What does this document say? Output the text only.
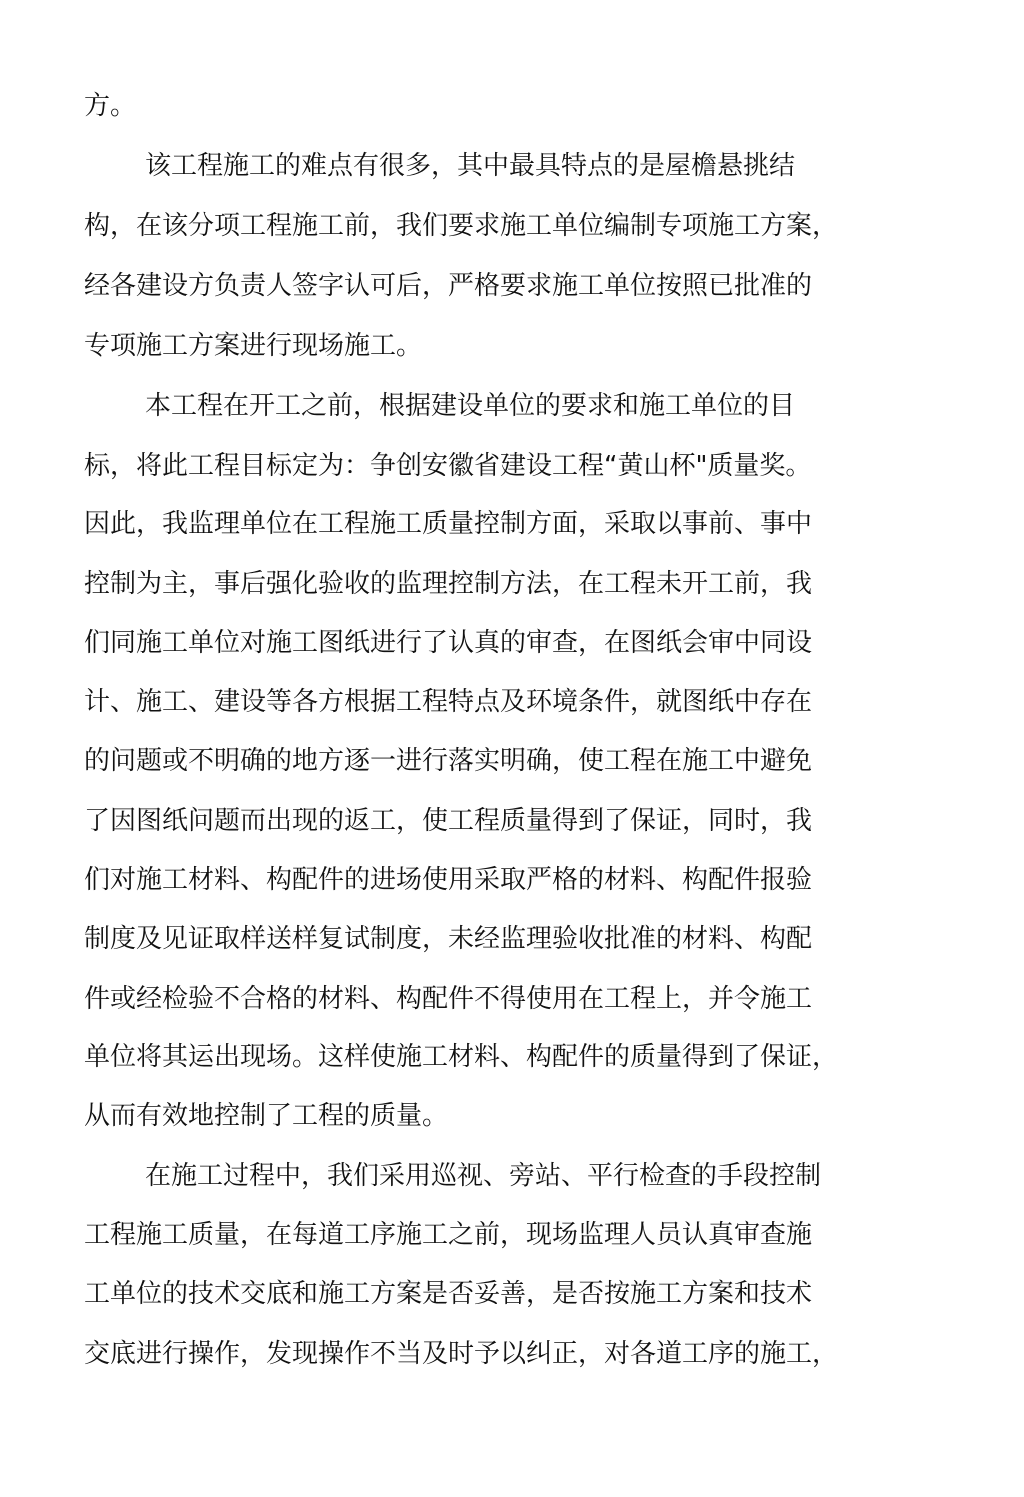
方。
该工程施工的难点有很多，其中最具特点的是屋檐悬挑结
构，在该分项工程施工前，我们要求施工单位编制专项施工方案，
经各建设方负责人签字认可后，严格要求施工单位按照已批准的
专项施工方案进行现场施工。
本工程在开工之前，根据建设单位的要求和施工单位的目
标，将此工程目标定为：争创安徽省建设工程“黄山杯"质量奖。
因此，我监理单位在工程施工质量控制方面，采取以事前、事中
控制为主，事后强化验收的监理控制方法，在工程未开工前，我
们同施工单位对施工图纸进行了认真的审查，在图纸会审中同设
计、施工、建设等各方根据工程特点及环境条件，就图纸中存在
的问题或不明确的地方逐一进行落实明确，使工程在施工中避免
了因图纸问题而出现的返工，使工程质量得到了保证，同时，我
们对施工材料、构配件的进场使用采取严格的材料、构配件报验
制度及见证取样送样复试制度，未经监理验收批准的材料、构配
件或经检验不合格的材料、构配件不得使用在工程上，并令施工
单位将其运出现场。这样使施工材料、构配件的质量得到了保证，
从而有效地控制了工程的质量。
在施工过程中，我们采用巡视、旁站、平行检查的手段控制
工程施工质量，在每道工序施工之前，现场监理人员认真审查施
工单位的技术交底和施工方案是否妥善，是否按施工方案和技术
交底进行操作，发现操作不当及时予以纠正，对各道工序的施工，
